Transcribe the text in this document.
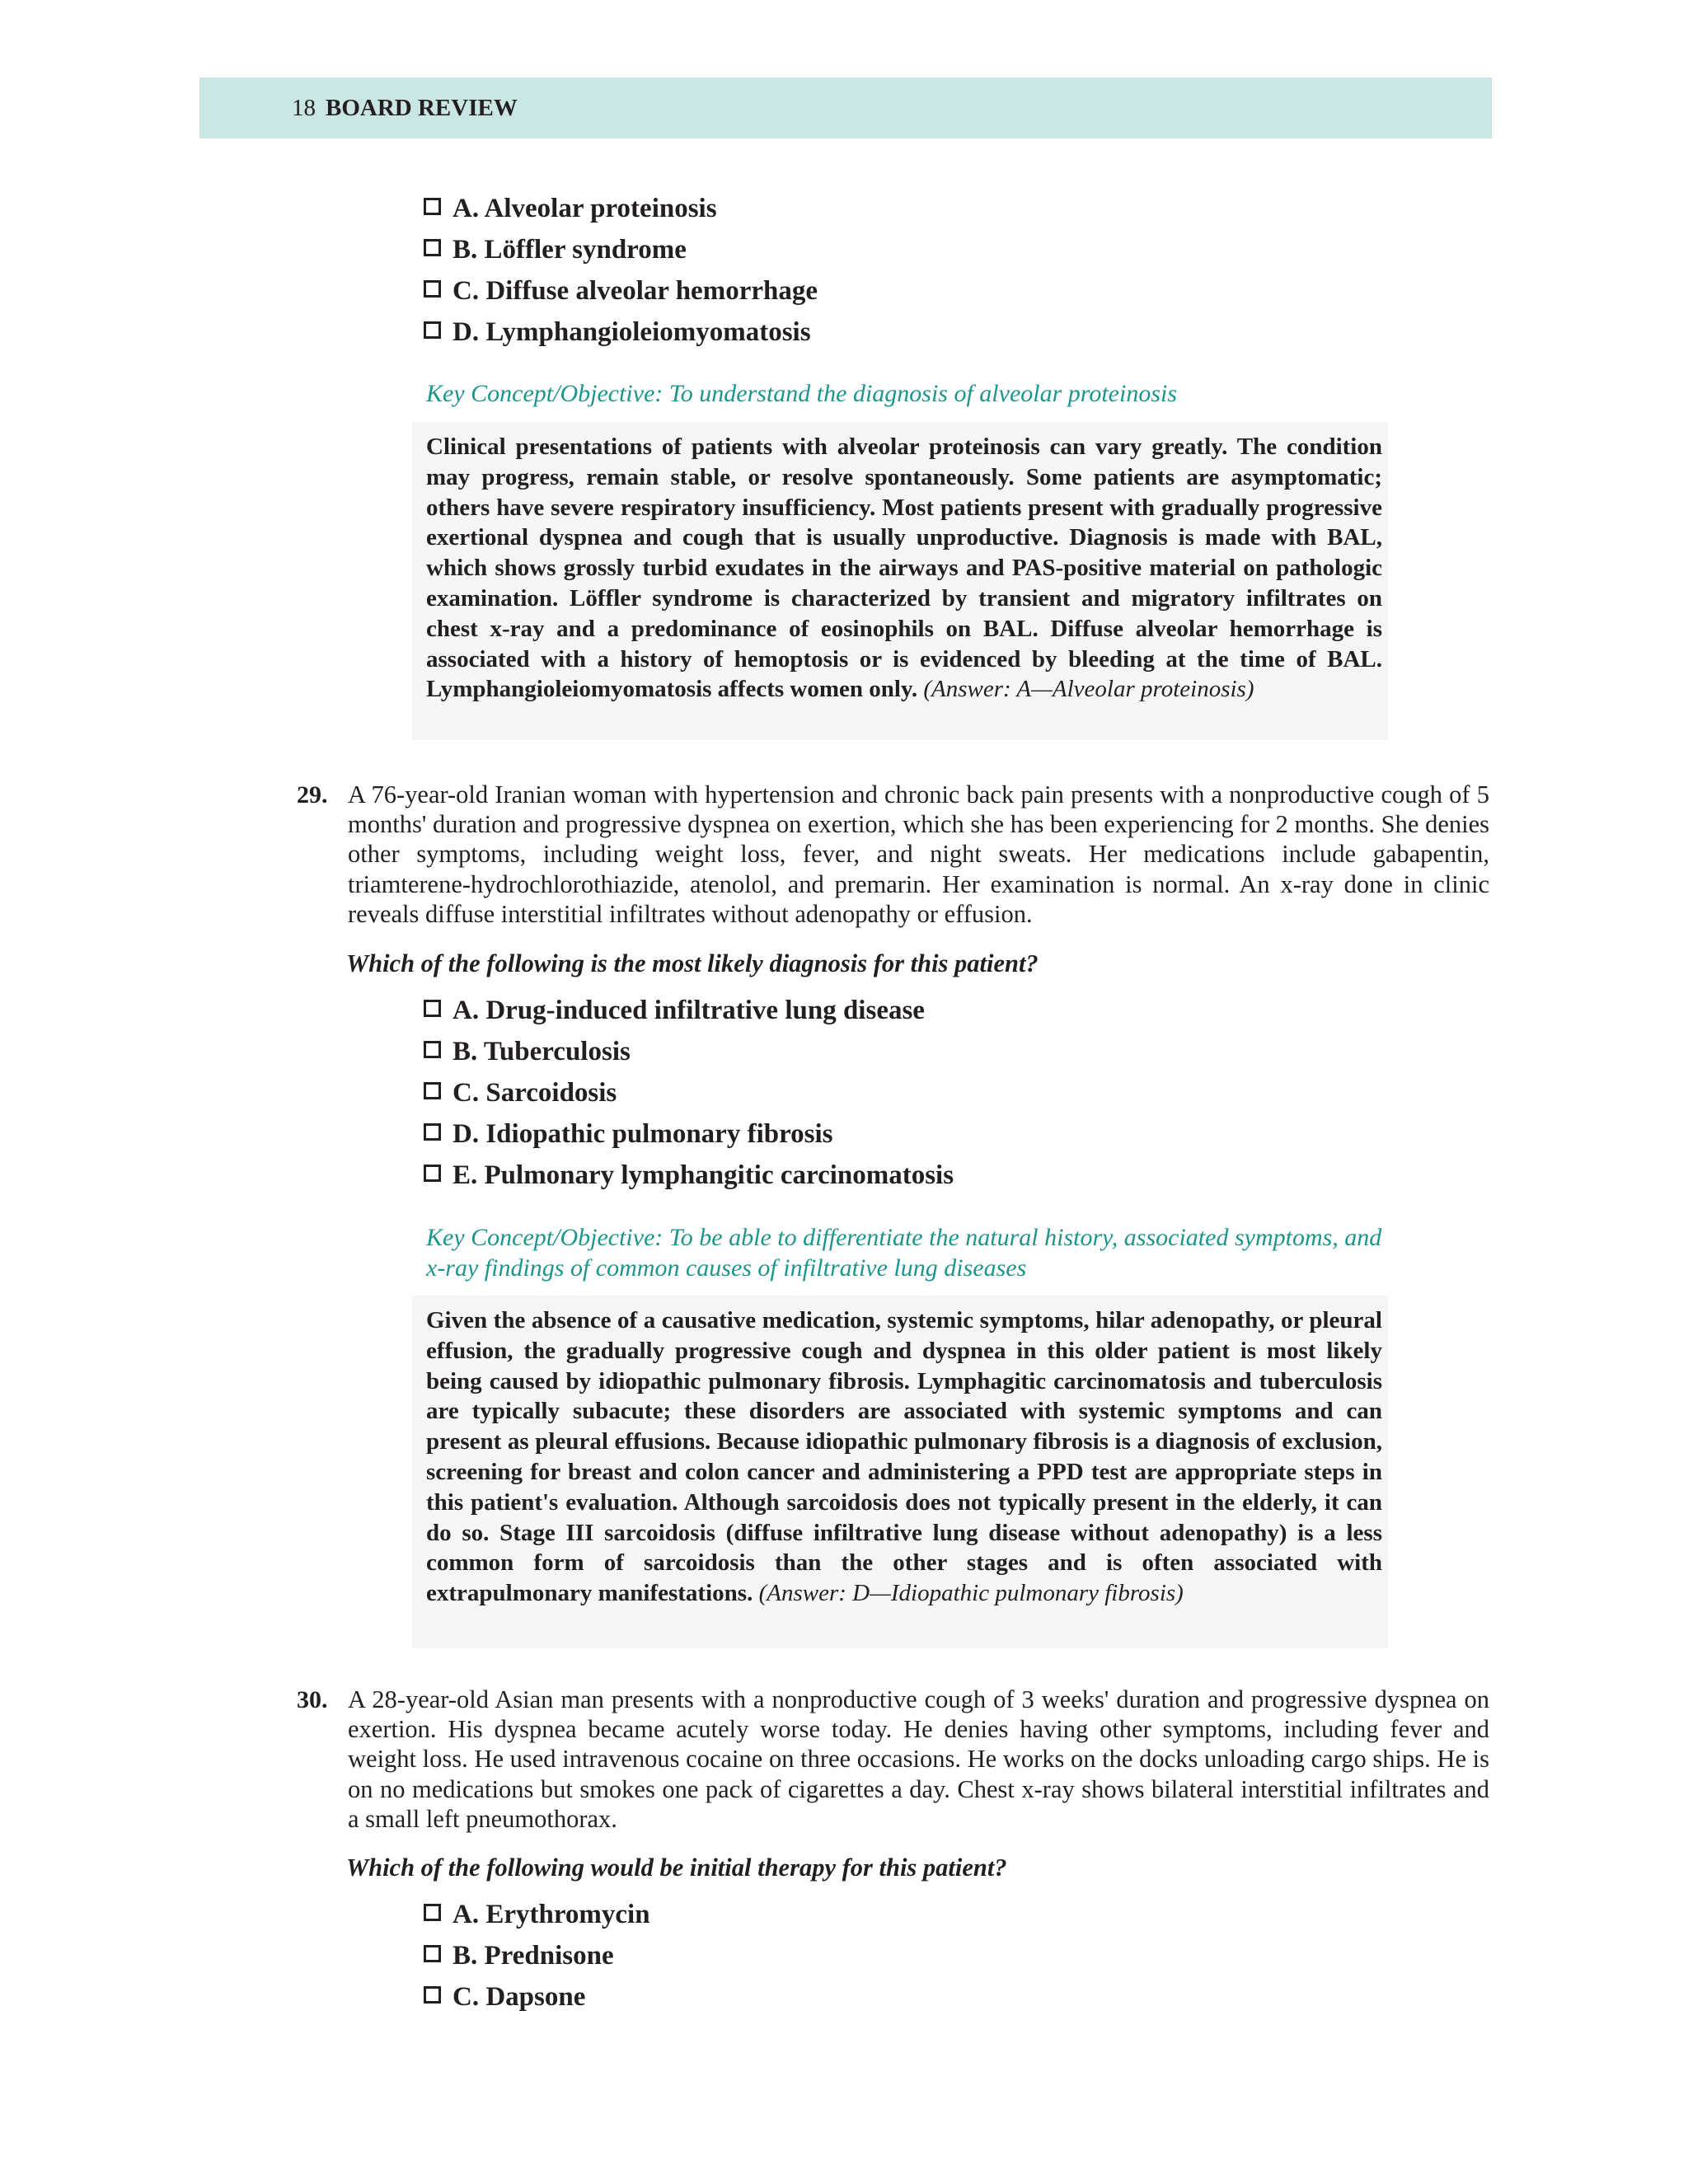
18 BOARD REVIEW
A. Alveolar proteinosis
B. Löffler syndrome
C. Diffuse alveolar hemorrhage
D. Lymphangioleiomyomatosis
Key Concept/Objective: To understand the diagnosis of alveolar proteinosis
Clinical presentations of patients with alveolar proteinosis can vary greatly. The condition may progress, remain stable, or resolve spontaneously. Some patients are asymptomatic; others have severe respiratory insufficiency. Most patients present with gradually progressive exertional dyspnea and cough that is usually unproductive. Diagnosis is made with BAL, which shows grossly turbid exudates in the airways and PAS-positive material on pathologic examination. Löffler syndrome is characterized by transient and migratory infiltrates on chest x-ray and a predominance of eosinophils on BAL. Diffuse alveolar hemorrhage is associated with a history of hemoptosis or is evidenced by bleeding at the time of BAL. Lymphangioleiomyomatosis affects women only. (Answer: A—Alveolar proteinosis)
29. A 76-year-old Iranian woman with hypertension and chronic back pain presents with a nonproductive cough of 5 months' duration and progressive dyspnea on exertion, which she has been experiencing for 2 months. She denies other symptoms, including weight loss, fever, and night sweats. Her medications include gabapentin, triamterene-hydrochlorothiazide, atenolol, and premarin. Her examination is normal. An x-ray done in clinic reveals diffuse interstitial infiltrates without adenopathy or effusion.
Which of the following is the most likely diagnosis for this patient?
A. Drug-induced infiltrative lung disease
B. Tuberculosis
C. Sarcoidosis
D. Idiopathic pulmonary fibrosis
E. Pulmonary lymphangitic carcinomatosis
Key Concept/Objective: To be able to differentiate the natural history, associated symptoms, and x-ray findings of common causes of infiltrative lung diseases
Given the absence of a causative medication, systemic symptoms, hilar adenopathy, or pleural effusion, the gradually progressive cough and dyspnea in this older patient is most likely being caused by idiopathic pulmonary fibrosis. Lymphagitic carcinomatosis and tuberculosis are typically subacute; these disorders are associated with systemic symptoms and can present as pleural effusions. Because idiopathic pulmonary fibrosis is a diagnosis of exclusion, screening for breast and colon cancer and administering a PPD test are appropriate steps in this patient's evaluation. Although sarcoidosis does not typically present in the elderly, it can do so. Stage III sarcoidosis (diffuse infiltrative lung disease without adenopathy) is a less common form of sarcoidosis than the other stages and is often associated with extrapulmonary manifestations. (Answer: D—Idiopathic pulmonary fibrosis)
30. A 28-year-old Asian man presents with a nonproductive cough of 3 weeks' duration and progressive dyspnea on exertion. His dyspnea became acutely worse today. He denies having other symptoms, including fever and weight loss. He used intravenous cocaine on three occasions. He works on the docks unloading cargo ships. He is on no medications but smokes one pack of cigarettes a day. Chest x-ray shows bilateral interstitial infiltrates and a small left pneumothorax.
Which of the following would be initial therapy for this patient?
A. Erythromycin
B. Prednisone
C. Dapsone
